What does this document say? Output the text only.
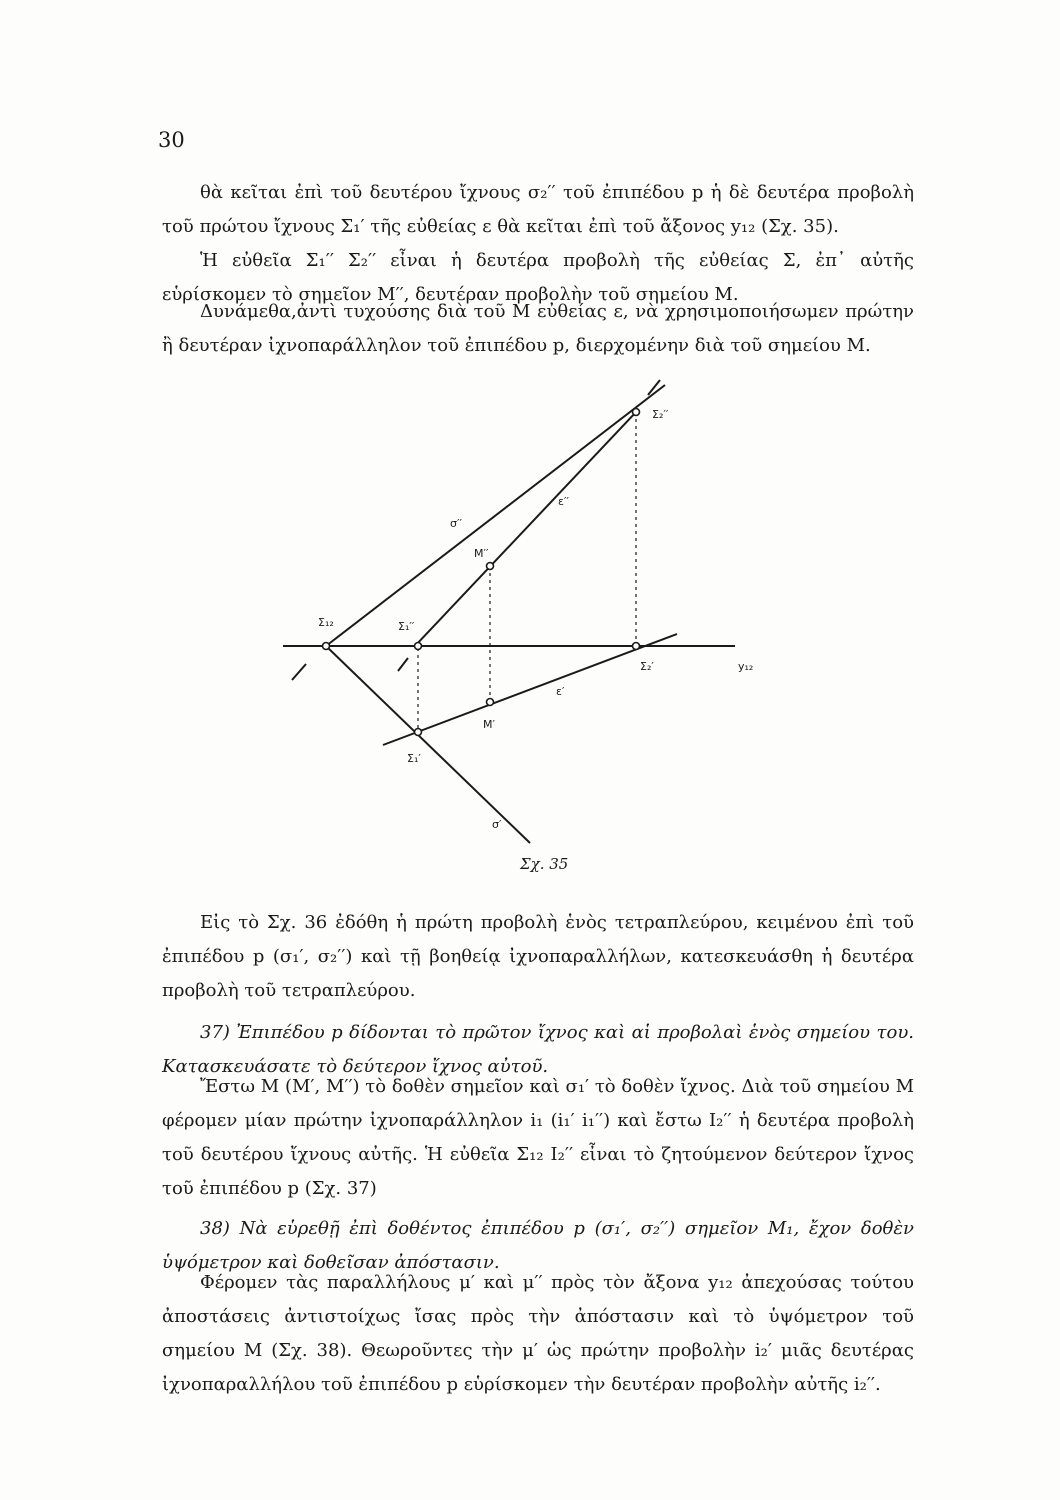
30

θὰ κεῖται ἐπὶ τοῦ δευτέρου ἴχνους σ₂′′ τοῦ ἐπιπέδου p ἡ δὲ δευτέρα προβολὴ τοῦ πρώτου ἴχνους Σ₁′ τῆς εὐθείας ε θὰ κεῖται ἐπὶ τοῦ ἄξονος y₁₂ (Σχ. 35).

Ἡ εὐθεῖα Σ₁′′ Σ₂′′ εἶναι ἡ δευτέρα προβολὴ τῆς εὐθείας Σ, ἐπ᾽ αὐτῆς εὑρίσκομεν τὸ σημεῖον M′′, δευτέραν προβολὴν τοῦ σημείου M.

Δυνάμεθα,ἀντὶ τυχούσης διὰ τοῦ M εὐθείας ε, νὰ χρησιμοποιήσωμεν πρώτην ἢ δευτέραν ἰχνοπαράλληλον τοῦ ἐπιπέδου p, διερχομένην διὰ τοῦ σημείου M.

Σ₂′′
ε′′
σ′′
M′′
Σ₁₂	Σ₁′′
Σ₂′	y₁₂
ε′
M′
Σ₁′
σ′
Σχ. 35

Εἰς τὸ Σχ. 36 ἐδόθη ἡ πρώτη προβολὴ ἑνὸς τετραπλεύρου, κειμένου ἐπὶ τοῦ ἐπιπέδου p (σ₁′, σ₂′′) καὶ τῇ βοηθείᾳ ἰχνοπαραλλήλων, κατεσκευάσθη ἡ δευτέρα προβολὴ τοῦ τετραπλεύρου.

37) Ἐπιπέδου p δίδονται τὸ πρῶτον ἴχνος καὶ αἱ προβολαὶ ἑνὸς σημείου του. Κατασκευάσατε τὸ δεύτερον ἴχνος αὐτοῦ.

Ἔστω M (M′, M′′) τὸ δοθὲν σημεῖον καὶ σ₁′ τὸ δοθὲν ἴχνος. Διὰ τοῦ σημείου M φέρομεν μίαν πρώτην ἰχνοπαράλληλον i₁ (i₁′ i₁′′) καὶ ἔστω I₂′′ ἡ δευτέρα προβολὴ τοῦ δευτέρου ἴχνους αὐτῆς. Ἡ εὐθεῖα Σ₁₂ I₂′′ εἶναι τὸ ζητούμενον δεύτερον ἴχνος τοῦ ἐπιπέδου p (Σχ. 37)

38) Νὰ εὑρεθῇ ἐπὶ δοθέντος ἐπιπέδου p (σ₁′, σ₂′′) σημεῖον M₁, ἔχον δοθὲν ὑψόμετρον καὶ δοθεῖσαν ἀπόστασιν.

Φέρομεν τὰς παραλλήλους μ′ καὶ μ′′ πρὸς τὸν ἄξονα y₁₂ ἀπεχούσας τούτου ἀποστάσεις ἀντιστοίχως ἴσας πρὸς τὴν ἀπόστασιν καὶ τὸ ὑψόμετρον τοῦ σημείου M (Σχ. 38). Θεωροῦντες τὴν μ′ ὡς πρώτην προβολὴν i₂′ μιᾶς δευτέρας ἰχνοπαραλλήλου τοῦ ἐπιπέδου p εὑρίσκομεν τὴν δευτέραν προβολὴν αὐτῆς i₂′′.
